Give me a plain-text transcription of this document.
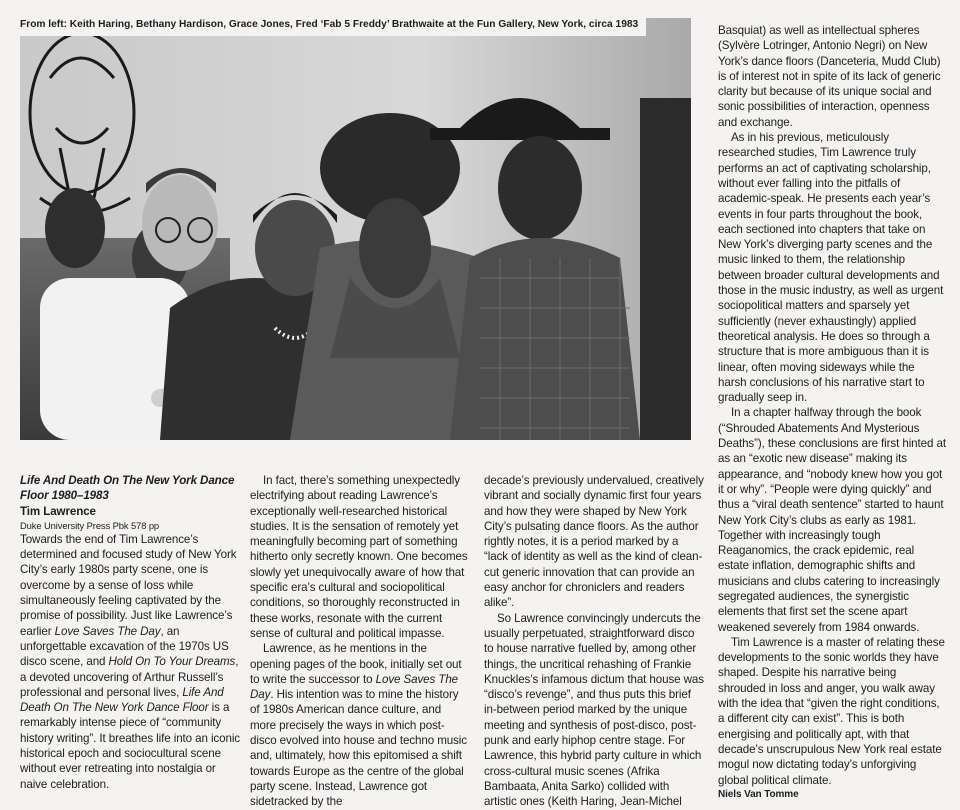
From left: Keith Haring, Bethany Hardison, Grace Jones, Fred ‘Fab 5 Freddy’ Brathwaite at the Fun Gallery, New York, circa 1983
Life And Death On The New York Dance Floor 1980–1983
Tim Lawrence
Duke University Press Pbk 578 pp

Towards the end of Tim Lawrence’s determined and focused study of New York City’s early 1980s party scene, one is overcome by a sense of loss while simultaneously feeling captivated by the promise of possibility. Just like Lawrence’s earlier Love Saves The Day, an unforgettable excavation of the 1970s US disco scene, and Hold On To Your Dreams, a devoted uncovering of Arthur Russell’s professional and personal lives, Life And Death On The New York Dance Floor is a remarkably intense piece of “community history writing”. It breathes life into an iconic historical epoch and sociocultural scene without ever retreating into nostalgia or naive celebration.

In fact, there’s something unexpectedly electrifying about reading Lawrence’s exceptionally well-researched historical studies. It is the sensation of remotely yet meaningfully becoming part of something hitherto only secretly known. One becomes slowly yet unequivocally aware of how that specific era’s cultural and sociopolitical conditions, so thoroughly reconstructed in these works, resonate with the current sense of cultural and political impasse.

Lawrence, as he mentions in the opening pages of the book, initially set out to write the successor to Love Saves The Day. His intention was to mine the history of 1980s American dance culture, and more precisely the ways in which post-disco evolved into house and techno music and, ultimately, how this epitomised a shift towards Europe as the centre of the global party scene. Instead, Lawrence got sidetracked by the

decade’s previously undervalued, creatively vibrant and socially dynamic first four years and how they were shaped by New York City’s pulsating dance floors. As the author rightly notes, it is a period marked by a “lack of identity as well as the kind of clean-cut generic innovation that can provide an easy anchor for chroniclers and readers alike”.

So Lawrence convincingly undercuts the usually perpetuated, straightforward disco to house narrative fuelled by, among other things, the uncritical rehashing of Frankie Knuckles’s infamous dictum that house was “disco’s revenge”, and thus puts this brief in-between period marked by the unique meeting and synthesis of post-disco, post-punk and early hiphop centre stage. For Lawrence, this hybrid party culture in which cross-cultural music scenes (Afrika Bambaata, Anita Sarko) collided with artistic ones (Keith Haring, Jean-Michel

Basquiat) as well as intellectual spheres (Sylvère Lotringer, Antonio Negri) on New York’s dance floors (Danceteria, Mudd Club) is of interest not in spite of its lack of generic clarity but because of its unique social and sonic possibilities of interaction, openness and exchange.

As in his previous, meticulously researched studies, Tim Lawrence truly performs an act of captivating scholarship, without ever falling into the pitfalls of academic-speak. He presents each year’s events in four parts throughout the book, each sectioned into chapters that take on New York’s diverging party scenes and the music linked to them, the relationship between broader cultural developments and those in the music industry, as well as urgent sociopolitical matters and sparsely yet sufficiently (never exhaustingly) applied theoretical analysis. He does so through a structure that is more ambiguous than it is linear, often moving sideways while the harsh conclusions of his narrative start to gradually seep in.

In a chapter halfway through the book (“Shrouded Abatements And Mysterious Deaths”), these conclusions are first hinted at as an “exotic new disease” making its appearance, and “nobody knew how you got it or why”. “People were dying quickly” and thus a “viral death sentence” started to haunt New York City’s clubs as early as 1981. Together with increasingly tough Reaganomics, the crack epidemic, real estate inflation, demographic shifts and musicians and clubs catering to increasingly segregated audiences, the synergistic elements that first set the scene apart weakened severely from 1984 onwards.

Tim Lawrence is a master of relating these developments to the sonic worlds they have shaped. Despite his narrative being shrouded in loss and anger, you walk away with the idea that “given the right conditions, a different city can exist”. This is both energising and politically apt, with that decade’s unscrupulous New York real estate mogul now dictating today’s unforgiving global political climate.

Niels Van Tomme
